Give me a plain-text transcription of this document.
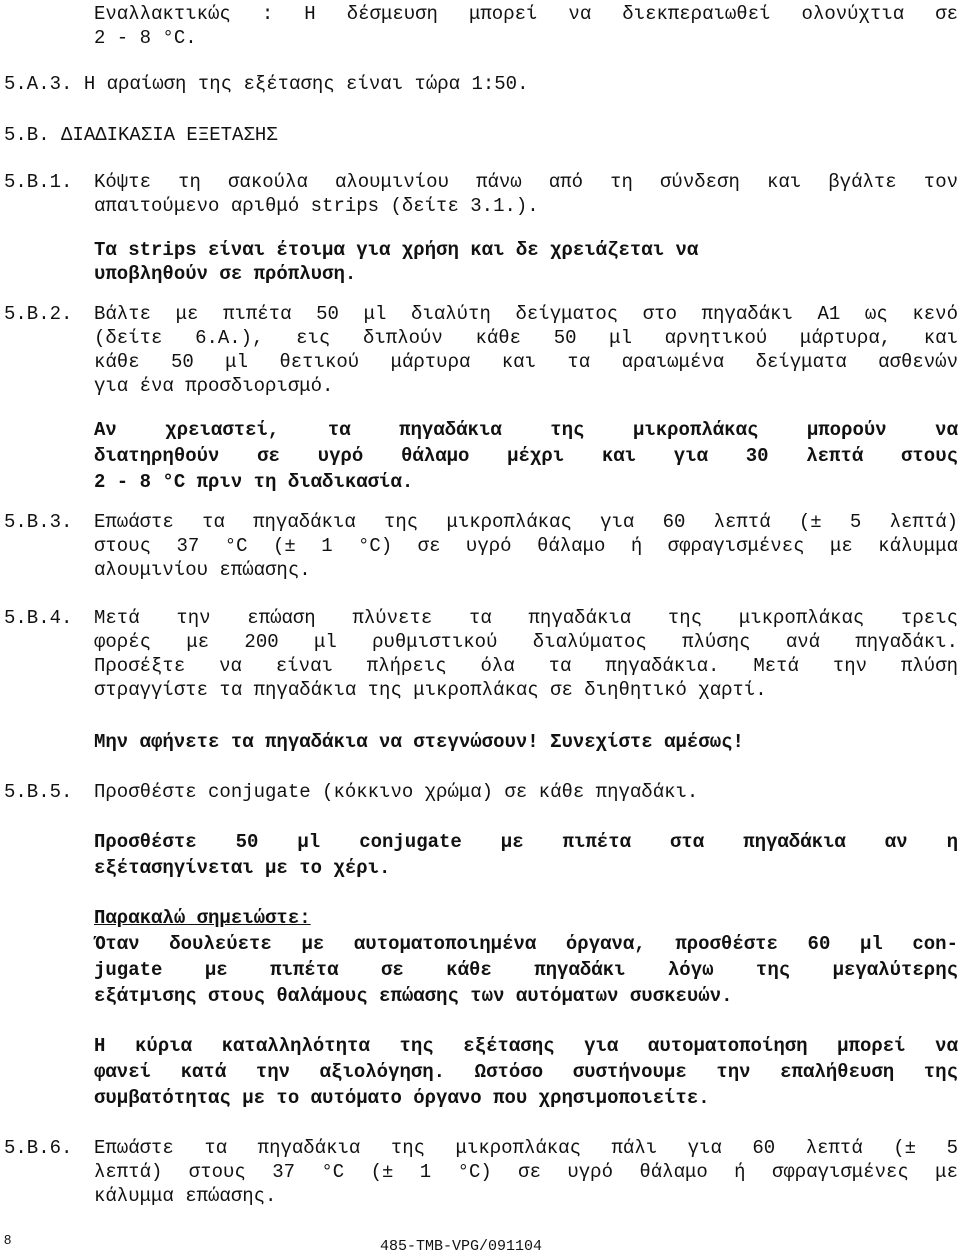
Εναλλακτικώς : Η δέσμευση μπορεί να διεκπεραιωθεί ολονύχτια σε
2 - 8 °C.
5.A.3. Η αραίωση της εξέτασης είναι τώρα 1:50.
5.B. ΔΙΑΔΙΚΑΣΙΑ ΕΞΕΤΑΣΗΣ
5.B.1. Κόψτε τη σακούλα αλουμινίου πάνω από τη σύνδεση και βγάλτε τον
απαιτούμενο αριθμό strips (δείτε 3.1.).
Τα strips είναι έτοιμα για χρήση και δε χρειάζεται να
υποβληθούν σε πρόπλυση.
5.B.2. Βάλτε με πιπέτα 50 μl διαλύτη δείγματος στο πηγαδάκι A1 ως κενό
(δείτε 6.A.), εις διπλούν κάθε 50 μl αρνητικού μάρτυρα, και
κάθε 50 μl θετικού μάρτυρα και τα αραιωμένα δείγματα ασθενών
για ένα προσδιορισμό.
Αν χρειαστεί, τα πηγαδάκια της μικροπλάκας μπορούν να
διατηρηθούν σε υγρό θάλαμο μέχρι και για 30 λεπτά στους
2 - 8 °C πριν τη διαδικασία.
5.B.3. Επωάστε τα πηγαδάκια της μικροπλάκας για 60 λεπτά (± 5 λεπτά)
στους 37 °C (± 1 °C) σε υγρό θάλαμο ή σφραγισμένες με κάλυμμα
αλουμινίου επώασης.
5.B.4. Μετά την επώαση πλύνετε τα πηγαδάκια της μικροπλάκας τρεις
φορές με 200 μl ρυθμιστικού διαλύματος πλύσης ανά πηγαδάκι.
Προσέξτε να είναι πλήρεις όλα τα πηγαδάκια. Μετά την πλύση
στραγγίστε τα πηγαδάκια της μικροπλάκας σε διηθητικό χαρτί.
Μην αφήνετε τα πηγαδάκια να στεγνώσουν! Συνεχίστε αμέσως!
5.B.5. Προσθέστε conjugate (κόκκινο χρώμα) σε κάθε πηγαδάκι.
Προσθέστε 50 μl conjugate με πιπέτα στα πηγαδάκια αν η
εξέτασηγίνεται με το χέρι.
Παρακαλώ σημειώστε:
Όταν δουλεύετε με αυτοματοποιημένα όργανα, προσθέστε 60 μl con-
jugate με πιπέτα σε κάθε πηγαδάκι λόγω της μεγαλύτερης
εξάτμισης στους θαλάμους επώασης των αυτόματων συσκευών.
Η κύρια καταλληλότητα της εξέτασης για αυτοματοποίηση μπορεί να
φανεί κατά την αξιολόγηση. Ωστόσο συστήνουμε την επαλήθευση της
συμβατότητας με το αυτόματο όργανο που χρησιμοποιείτε.
5.B.6. Επωάστε τα πηγαδάκια της μικροπλάκας πάλι για 60 λεπτά (± 5
λεπτά) στους 37 °C (± 1 °C) σε υγρό θάλαμο ή σφραγισμένες με
κάλυμμα επώασης.
8	485-TMB-VPG/091104
